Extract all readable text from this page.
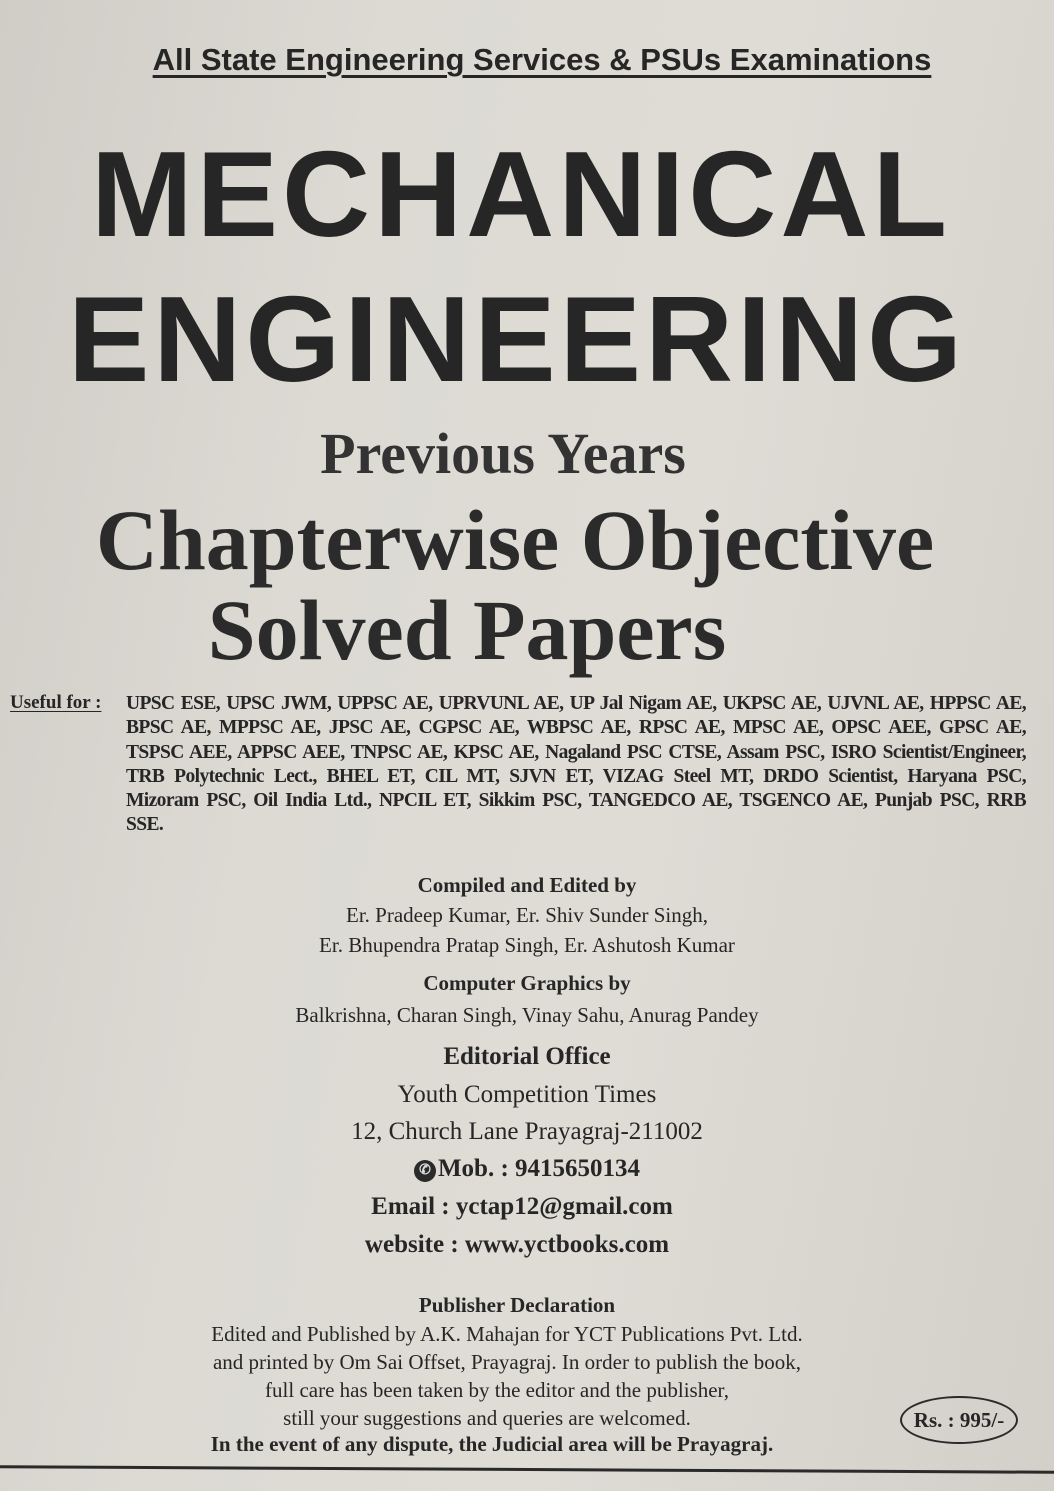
All State Engineering Services & PSUs Examinations
MECHANICAL
ENGINEERING
Previous Years
Chapterwise Objective
Solved Papers
Useful for : UPSC ESE, UPSC JWM, UPPSC AE, UPRVUNL AE, UP Jal Nigam AE, UKPSC AE, UJVNL AE, HPPSC AE, BPSC AE, MPPSC AE, JPSC AE, CGPSC AE, WBPSC AE, RPSC AE, MPSC AE, OPSC AEE, GPSC AE, TSPSC AEE, APPSC AEE, TNPSC AE, KPSC AE, Nagaland PSC CTSE, Assam PSC, ISRO Scientist/Engineer, TRB Polytechnic Lect., BHEL ET, CIL MT, SJVN ET, VIZAG Steel MT, DRDO Scientist, Haryana PSC, Mizoram PSC, Oil India Ltd., NPCIL ET, Sikkim PSC, TANGEDCO AE, TSGENCO AE, Punjab PSC, RRB SSE.
Compiled and Edited by
Er. Pradeep Kumar, Er. Shiv Sunder Singh,
Er. Bhupendra Pratap Singh, Er. Ashutosh Kumar
Computer Graphics by
Balkrishna, Charan Singh, Vinay Sahu, Anurag Pandey
Editorial Office
Youth Competition Times
12, Church Lane Prayagraj-211002
✆ Mob. : 9415650134
Email : yctap12@gmail.com
website : www.yctbooks.com
Publisher Declaration
Edited and Published by A.K. Mahajan for YCT Publications Pvt. Ltd.
and printed by Om Sai Offset, Prayagraj. In order to publish the book,
full care has been taken by the editor and the publisher,
still your suggestions and queries are welcomed.
In the event of any dispute, the Judicial area will be Prayagraj.
Rs. : 995/-
